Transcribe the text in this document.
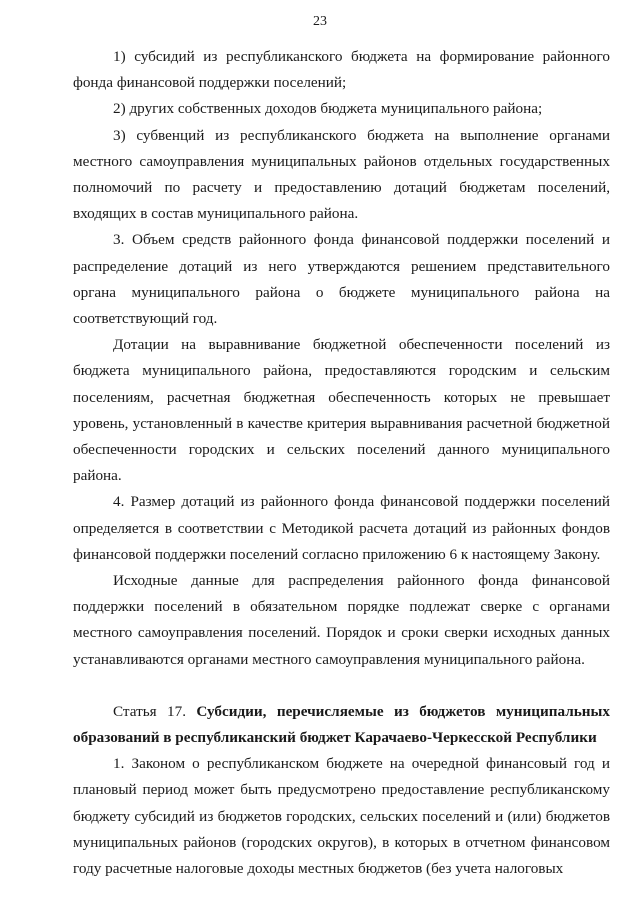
23

1) субсидий из республиканского бюджета на формирование районного фонда финансовой поддержки поселений;

2) других собственных доходов бюджета муниципального района;

3) субвенций из республиканского бюджета на выполнение органами местного самоуправления муниципальных районов отдельных государственных полномочий по расчету и предоставлению дотаций бюджетам поселений, входящих в состав муниципального района.

3. Объем средств районного фонда финансовой поддержки поселений и распределение дотаций из него утверждаются решением представительного органа муниципального района о бюджете муниципального района на соответствующий год.

Дотации на выравнивание бюджетной обеспеченности поселений из бюджета муниципального района, предоставляются городским и сельским поселениям, расчетная бюджетная обеспеченность которых не превышает уровень, установленный в качестве критерия выравнивания расчетной бюджетной обеспеченности городских и сельских поселений данного муниципального района.

4. Размер дотаций из районного фонда финансовой поддержки поселений определяется в соответствии с Методикой расчета дотаций из районных фондов финансовой поддержки поселений согласно приложению 6 к настоящему Закону.

Исходные данные для распределения районного фонда финансовой поддержки поселений в обязательном порядке подлежат сверке с органами местного самоуправления поселений. Порядок и сроки сверки исходных данных устанавливаются органами местного самоуправления муниципального района.

Статья 17. Субсидии, перечисляемые из бюджетов муниципальных образований в республиканский бюджет Карачаево-Черкесской Республики

1. Законом о республиканском бюджете на очередной финансовый год и плановый период может быть предусмотрено предоставление республиканскому бюджету субсидий из бюджетов городских, сельских поселений и (или) бюджетов муниципальных районов (городских округов), в которых в отчетном финансовом году расчетные налоговые доходы местных бюджетов (без учета налоговых
